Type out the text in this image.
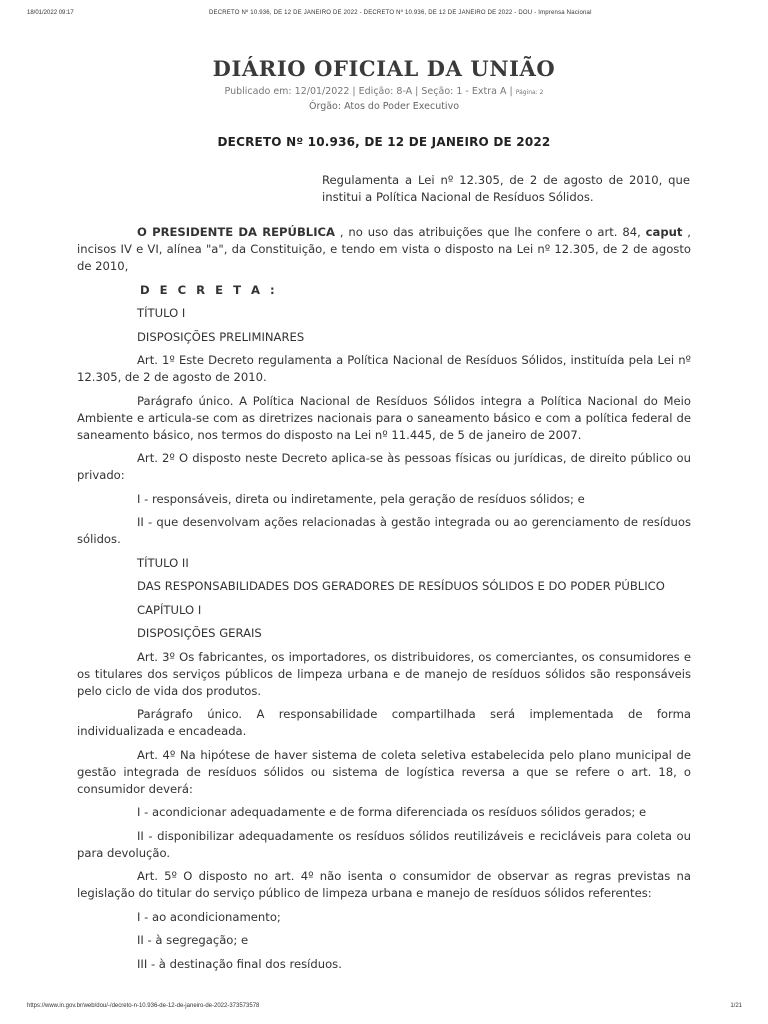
18/01/2022 09:17	DECRETO Nº 10.936, DE 12 DE JANEIRO DE 2022 - DECRETO Nº 10.936, DE 12 DE JANEIRO DE 2022 - DOU - Imprensa Nacional
DIÁRIO OFICIAL DA UNIÃO
Publicado em: 12/01/2022 | Edição: 8-A | Seção: 1 - Extra A | Página: 2
Órgão: Atos do Poder Executivo
DECRETO Nº 10.936, DE 12 DE JANEIRO DE 2022
Regulamenta a Lei nº 12.305, de 2 de agosto de 2010, que institui a Política Nacional de Resíduos Sólidos.

O PRESIDENTE DA REPÚBLICA , no uso das atribuições que lhe confere o art. 84, caput , incisos IV e VI, alínea "a", da Constituição, e tendo em vista o disposto na Lei nº 12.305, de 2 de agosto de 2010,

D E C R E T A :

TÍTULO I

DISPOSIÇÕES PRELIMINARES

Art. 1º Este Decreto regulamenta a Política Nacional de Resíduos Sólidos, instituída pela Lei nº 12.305, de 2 de agosto de 2010.

Parágrafo único. A Política Nacional de Resíduos Sólidos integra a Política Nacional do Meio Ambiente e articula-se com as diretrizes nacionais para o saneamento básico e com a política federal de saneamento básico, nos termos do disposto na Lei nº 11.445, de 5 de janeiro de 2007.

Art. 2º O disposto neste Decreto aplica-se às pessoas físicas ou jurídicas, de direito público ou privado:

I - responsáveis, direta ou indiretamente, pela geração de resíduos sólidos; e

II - que desenvolvam ações relacionadas à gestão integrada ou ao gerenciamento de resíduos sólidos.

TÍTULO II

DAS RESPONSABILIDADES DOS GERADORES DE RESÍDUOS SÓLIDOS E DO PODER PÚBLICO

CAPÍTULO I

DISPOSIÇÕES GERAIS

Art. 3º Os fabricantes, os importadores, os distribuidores, os comerciantes, os consumidores e os titulares dos serviços públicos de limpeza urbana e de manejo de resíduos sólidos são responsáveis pelo ciclo de vida dos produtos.

Parágrafo único. A responsabilidade compartilhada será implementada de forma individualizada e encadeada.

Art. 4º Na hipótese de haver sistema de coleta seletiva estabelecida pelo plano municipal de gestão integrada de resíduos sólidos ou sistema de logística reversa a que se refere o art. 18, o consumidor deverá:

I - acondicionar adequadamente e de forma diferenciada os resíduos sólidos gerados; e

II - disponibilizar adequadamente os resíduos sólidos reutilizáveis e recicláveis para coleta ou para devolução.

Art. 5º O disposto no art. 4º não isenta o consumidor de observar as regras previstas na legislação do titular do serviço público de limpeza urbana e manejo de resíduos sólidos referentes:

I - ao acondicionamento;

II - à segregação; e

III - à destinação final dos resíduos.

https://www.in.gov.br/web/dou/-/decreto-n-10.936-de-12-de-janeiro-de-2022-373573578	1/21
